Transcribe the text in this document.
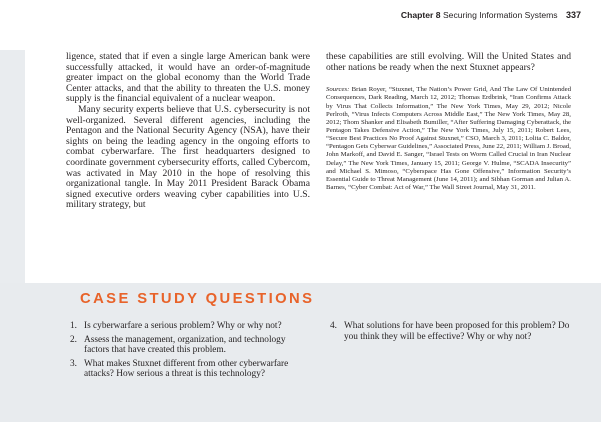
Chapter 8 Securing Information Systems 337

ligence, stated that if even a single large American bank were successfully attacked, it would have an order-of-magnitude greater impact on the global economy than the World Trade Center attacks, and that the ability to threaten the U.S. money supply is the financial equivalent of a nuclear weapon.

Many security experts believe that U.S. cybersecurity is not well-organized. Several different agencies, including the Pentagon and the National Security Agency (NSA), have their sights on being the leading agency in the ongoing efforts to combat cyberwarfare. The first headquarters designed to coordinate government cybersecurity efforts, called Cybercom, was activated in May 2010 in the hope of resolving this organizational tangle. In May 2011 President Barack Obama signed executive orders weaving cyber capabilities into U.S. military strategy, but

these capabilities are still evolving. Will the United States and other nations be ready when the next Stuxnet appears?

Sources: Brian Royer, “Stuxnet, The Nation’s Power Grid, And The Law Of Unintended Consequences, Dark Reading, March 12, 2012; Thomas Erdbrink, “Iran Confirms Attack by Virus That Collects Information,” The New York Times, May 29, 2012; Nicole Perlroth, “Virus Infects Computers Across Middle East,” The New York Times, May 28, 2012; Thom Shanker and Elisabeth Bumiller, “After Suffering Damaging Cyberattack, the Pentagon Takes Defensive Action,” The New York Times, July 15, 2011; Robert Lees, “Secure Best Practices No Proof Against Stuxnet,” CSO, March 3, 2011; Lolita C. Baldor, “Pentagon Gets Cyberwar Guidelines,” Associated Press, June 22, 2011; William J. Broad, John Markoff, and David E. Sanger, “Israel Tests on Worm Called Crucial in Iran Nuclear Delay,” The New York Times, January 15, 2011; George V. Hulme, “SCADA Insecurity” and Michael S. Mimoso, “Cyberspace Has Gone Offensive,” Information Security’s Essential Guide to Threat Management (June 14, 2011); and Sibhan Gorman and Julian A. Barnes, “Cyber Combat: Act of War,” The Wall Street Journal, May 31, 2011.

CASE STUDY QUESTIONS
1. Is cyberwarfare a serious problem? Why or why not?
2. Assess the management, organization, and technology factors that have created this problem.
3. What makes Stuxnet different from other cyberwarfare attacks? How serious a threat is this technology?
4. What solutions for have been proposed for this problem? Do you think they will be effective? Why or why not?
